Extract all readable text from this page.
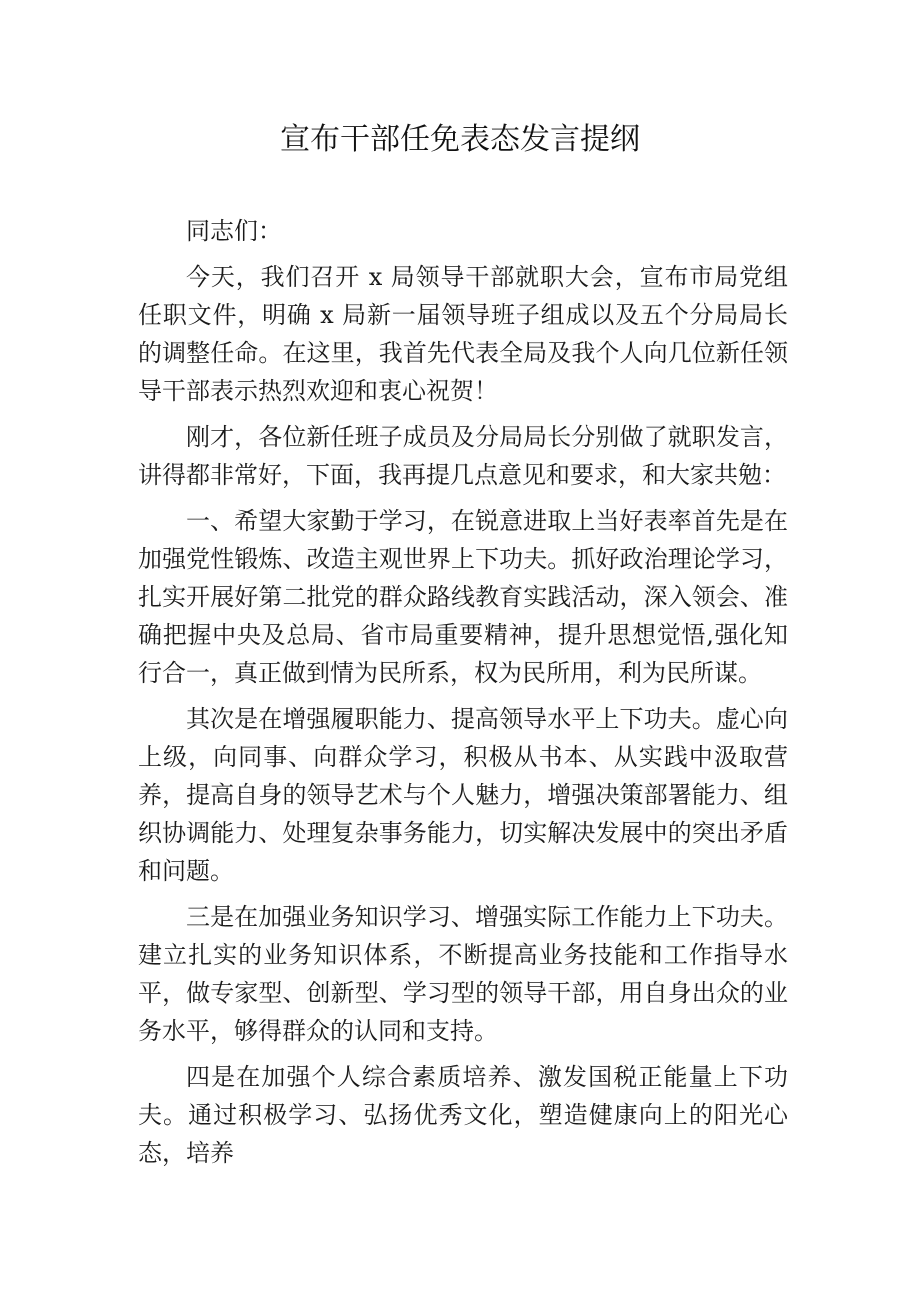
宣布干部任免表态发言提纲

同志们：

今天，我们召开 x 局领导干部就职大会，宣布市局党组任职文件，明确 x 局新一届领导班子组成以及五个分局局长的调整任命。在这里，我首先代表全局及我个人向几位新任领导干部表示热烈欢迎和衷心祝贺！

刚才，各位新任班子成员及分局局长分别做了就职发言，讲得都非常好，下面，我再提几点意见和要求，和大家共勉：

一、希望大家勤于学习，在锐意进取上当好表率首先是在加强党性锻炼、改造主观世界上下功夫。抓好政治理论学习，扎实开展好第二批党的群众路线教育实践活动，深入领会、准确把握中央及总局、省市局重要精神，提升思想觉悟,强化知行合一，真正做到情为民所系，权为民所用，利为民所谋。

其次是在增强履职能力、提高领导水平上下功夫。虚心向上级，向同事、向群众学习，积极从书本、从实践中汲取营养，提高自身的领导艺术与个人魅力，增强决策部署能力、组织协调能力、处理复杂事务能力，切实解决发展中的突出矛盾和问题。

三是在加强业务知识学习、增强实际工作能力上下功夫。建立扎实的业务知识体系，不断提高业务技能和工作指导水平，做专家型、创新型、学习型的领导干部，用自身出众的业务水平，够得群众的认同和支持。

四是在加强个人综合素质培养、激发国税正能量上下功夫。通过积极学习、弘扬优秀文化，塑造健康向上的阳光心态，培养
